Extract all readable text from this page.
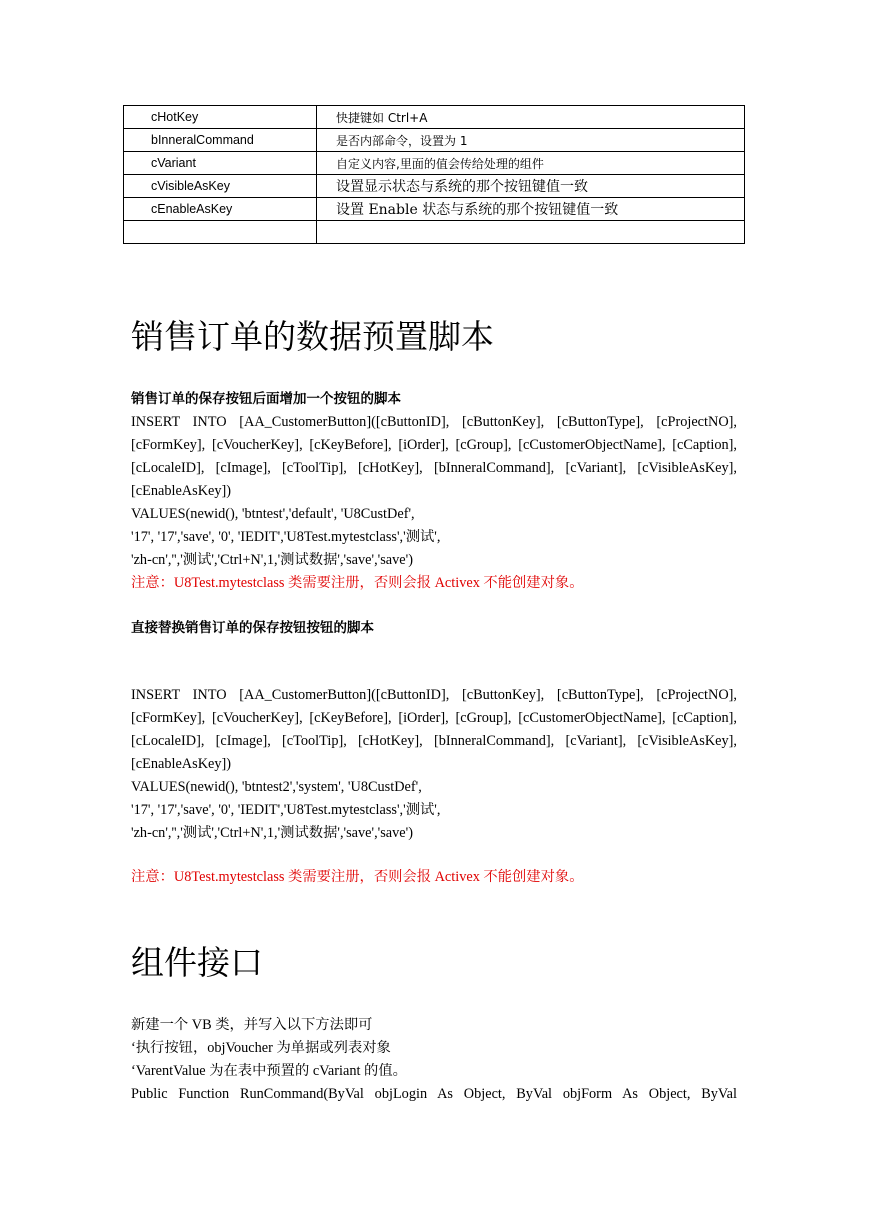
cHotKey	快捷键如 Ctrl+A
bInneralCommand	是否内部命令，设置为 1
cVariant	自定义内容,里面的值会传给处理的组件
cVisibleAsKey	设置显示状态与系统的那个按钮键值一致
cEnableAsKey	设置 Enable 状态与系统的那个按钮键值一致

销售订单的数据预置脚本

销售订单的保存按钮后面增加一个按钮的脚本

INSERT INTO [AA_CustomerButton]([cButtonID], [cButtonKey], [cButtonType], [cProjectNO], [cFormKey], [cVoucherKey], [cKeyBefore], [iOrder], [cGroup], [cCustomerObjectName], [cCaption], [cLocaleID], [cImage], [cToolTip], [cHotKey], [bInneralCommand], [cVariant], [cVisibleAsKey], [cEnableAsKey])

VALUES(newid(), 'btntest','default', 'U8CustDef',

'17', '17','save', '0', 'IEDIT','U8Test.mytestclass','测试',

'zh-cn','','测试','Ctrl+N',1,'测试数据','save','save')

注意：U8Test.mytestclass 类需要注册，否则会报 Activex 不能创建对象。

直接替换销售订单的保存按钮按钮的脚本

INSERT INTO [AA_CustomerButton]([cButtonID], [cButtonKey], [cButtonType], [cProjectNO], [cFormKey], [cVoucherKey], [cKeyBefore], [iOrder], [cGroup], [cCustomerObjectName], [cCaption], [cLocaleID], [cImage], [cToolTip], [cHotKey], [bInneralCommand], [cVariant], [cVisibleAsKey], [cEnableAsKey])

VALUES(newid(), 'btntest2','system', 'U8CustDef',

'17', '17','save', '0', 'IEDIT','U8Test.mytestclass','测试',

'zh-cn','','测试','Ctrl+N',1,'测试数据','save','save')

注意：U8Test.mytestclass 类需要注册，否则会报 Activex 不能创建对象。

组件接口

新建一个 VB 类，并写入以下方法即可

‘执行按钮，objVoucher 为单据或列表对象

‘VarentValue 为在表中预置的 cVariant 的值。

Public Function RunCommand(ByVal objLogin As Object, ByVal objForm As Object, ByVal
